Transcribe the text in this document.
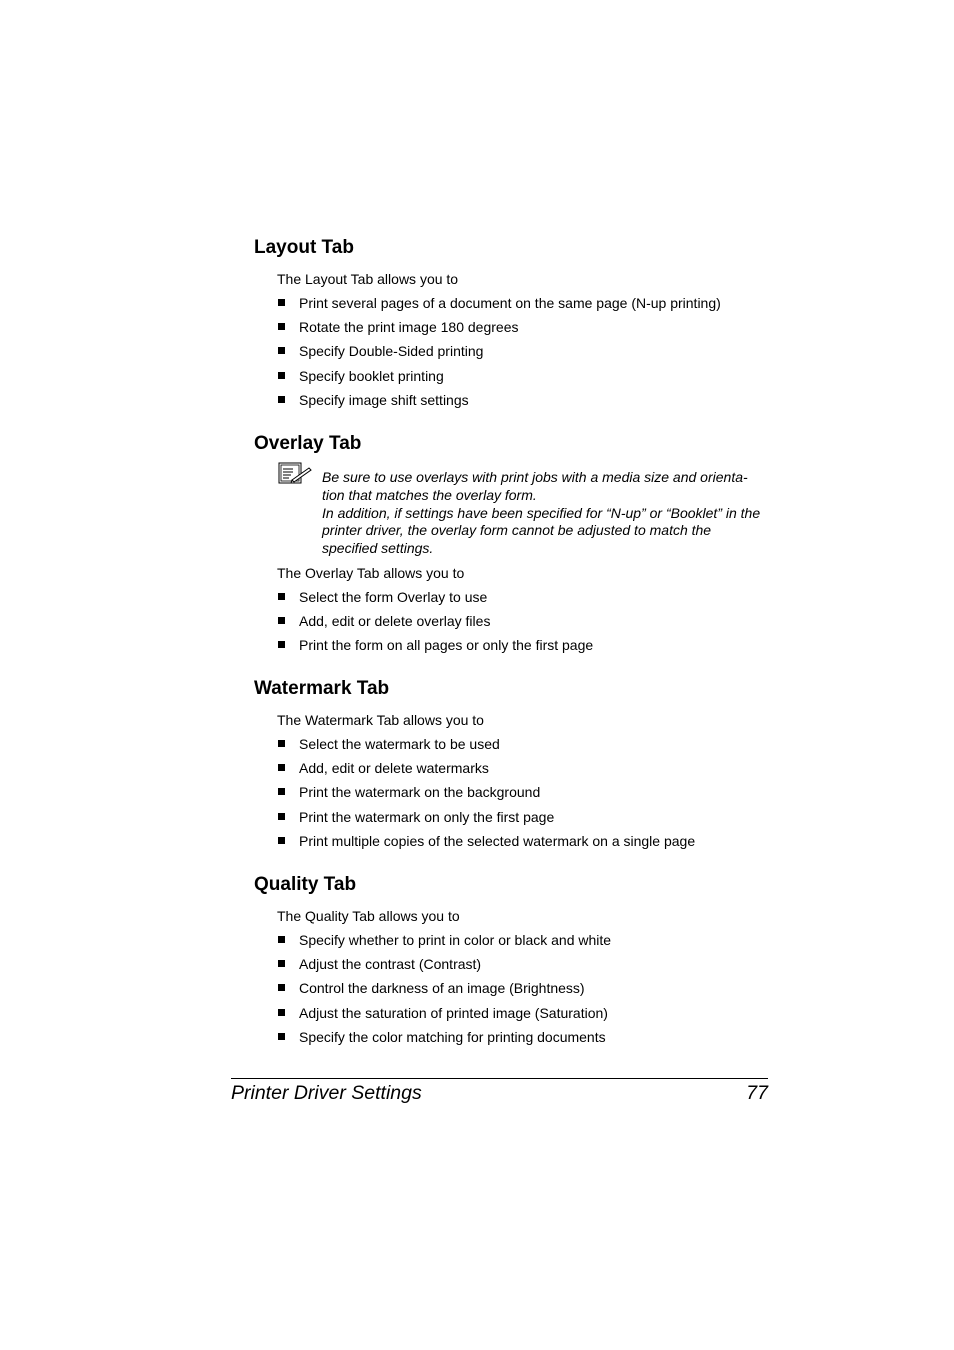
Layout Tab
The Layout Tab allows you to
Print several pages of a document on the same page (N-up printing)
Rotate the print image 180 degrees
Specify Double-Sided printing
Specify booklet printing
Specify image shift settings
Overlay Tab

Be sure to use overlays with print jobs with a media size and orienta-tion that matches the overlay form.

In addition, if settings have been specified for “N-up” or “Booklet” in the printer driver, the overlay form cannot be adjusted to match the specified settings.

The Overlay Tab allows you to
Select the form Overlay to use
Add, edit or delete overlay files
Print the form on all pages or only the first page
Watermark Tab
The Watermark Tab allows you to
Select the watermark to be used
Add, edit or delete watermarks
Print the watermark on the background
Print the watermark on only the first page
Print multiple copies of the selected watermark on a single page
Quality Tab
The Quality Tab allows you to
Specify whether to print in color or black and white
Adjust the contrast (Contrast)
Control the darkness of an image (Brightness)
Adjust the saturation of printed image (Saturation)
Specify the color matching for printing documents
Printer Driver Settings	77
